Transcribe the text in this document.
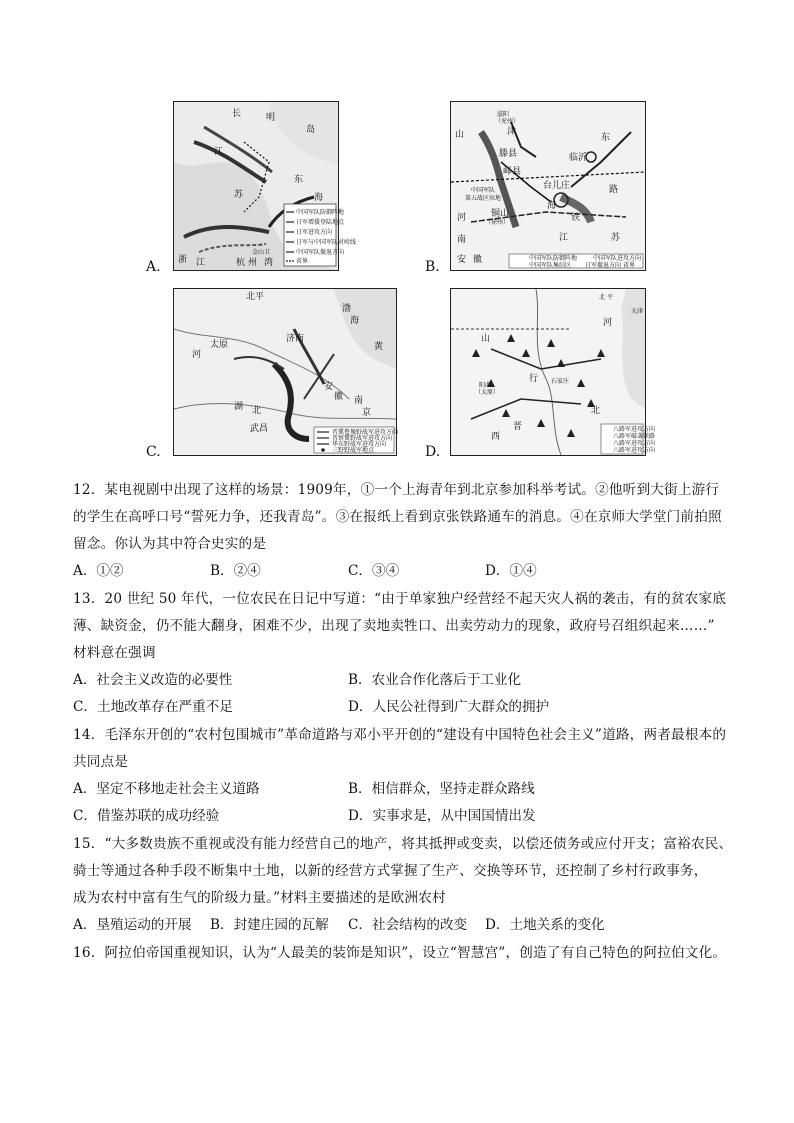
A.
长	明
江
岛
东
海
苏
浙 江	杭 州 湾
金山卫
中国军队防御阵地
日军增援登陆地点
日军进攻方向
日军与中国军队对峙线
中国军队撤退方向
省界	B.
山	东
滋阳
（兖州）
津
滕县	临沂
峄县
台儿庄
中国军队
第五战区驻地
铜山
（徐州）
河
南
海
铁
路
江	苏
安 徽	中国军队防御阵地	中国军队进攻方向
中国军队集结区 日军撤退方向 省界
C.
北平
渤
海
黄
河
太原
济南
南
京
武昌
湖 北
安
徽
晋冀鲁豫野战军进攻方向
晋察冀野战军进攻方向
华东野战军进攻方向
三野野战军地点	D.
北 平
天津
山
西
河
北
阳曲
（太原）
石家庄
行
晋	八路军进攻方向
八路军破袭铁路
八路军进攻方向
八路军进攻方向
12．某电视剧中出现了这样的场景：1909年，①一个上海青年到北京参加科举考试。②他听到大街上游行
的学生在高呼口号“誓死力争，还我青岛”。③在报纸上看到京张铁路通车的消息。④在京师大学堂门前拍照
留念。你认为其中符合史实的是
A．①②	B．②④	C．③④	D．①④
13．20 世纪 50 年代，一位农民在日记中写道：“由于单家独户经营经不起天灾人祸的袭击，有的贫农家底
薄、缺资金，仍不能大翻身，困难不少，出现了卖地卖牲口、出卖劳动力的现象，政府号召组织起来……”
材料意在强调
A．社会主义改造的必要性	B．农业合作化落后于工业化
C．土地改革存在严重不足	D．人民公社得到广大群众的拥护
14．毛泽东开创的“农村包围城市”革命道路与邓小平开创的“建设有中国特色社会主义”道路，两者最根本的
共同点是
A．坚定不移地走社会主义道路	B．相信群众，坚持走群众路线
C．借鉴苏联的成功经验	D．实事求是，从中国国情出发
15．“大多数贵族不重视或没有能力经营自己的地产，将其抵押或变卖，以偿还债务或应付开支；富裕农民、
骑士等通过各种手段不断集中土地，以新的经营方式掌握了生产、交换等环节，还控制了乡村行政事务，
成为农村中富有生气的阶级力量。”材料主要描述的是欧洲农村
A．垦殖运动的开展 B．封建庄园的瓦解 C．社会结构的改变 D．土地关系的变化
16．阿拉伯帝国重视知识，认为“人最美的装饰是知识”，设立“智慧宫”，创造了有自己特色的阿拉伯文化。
